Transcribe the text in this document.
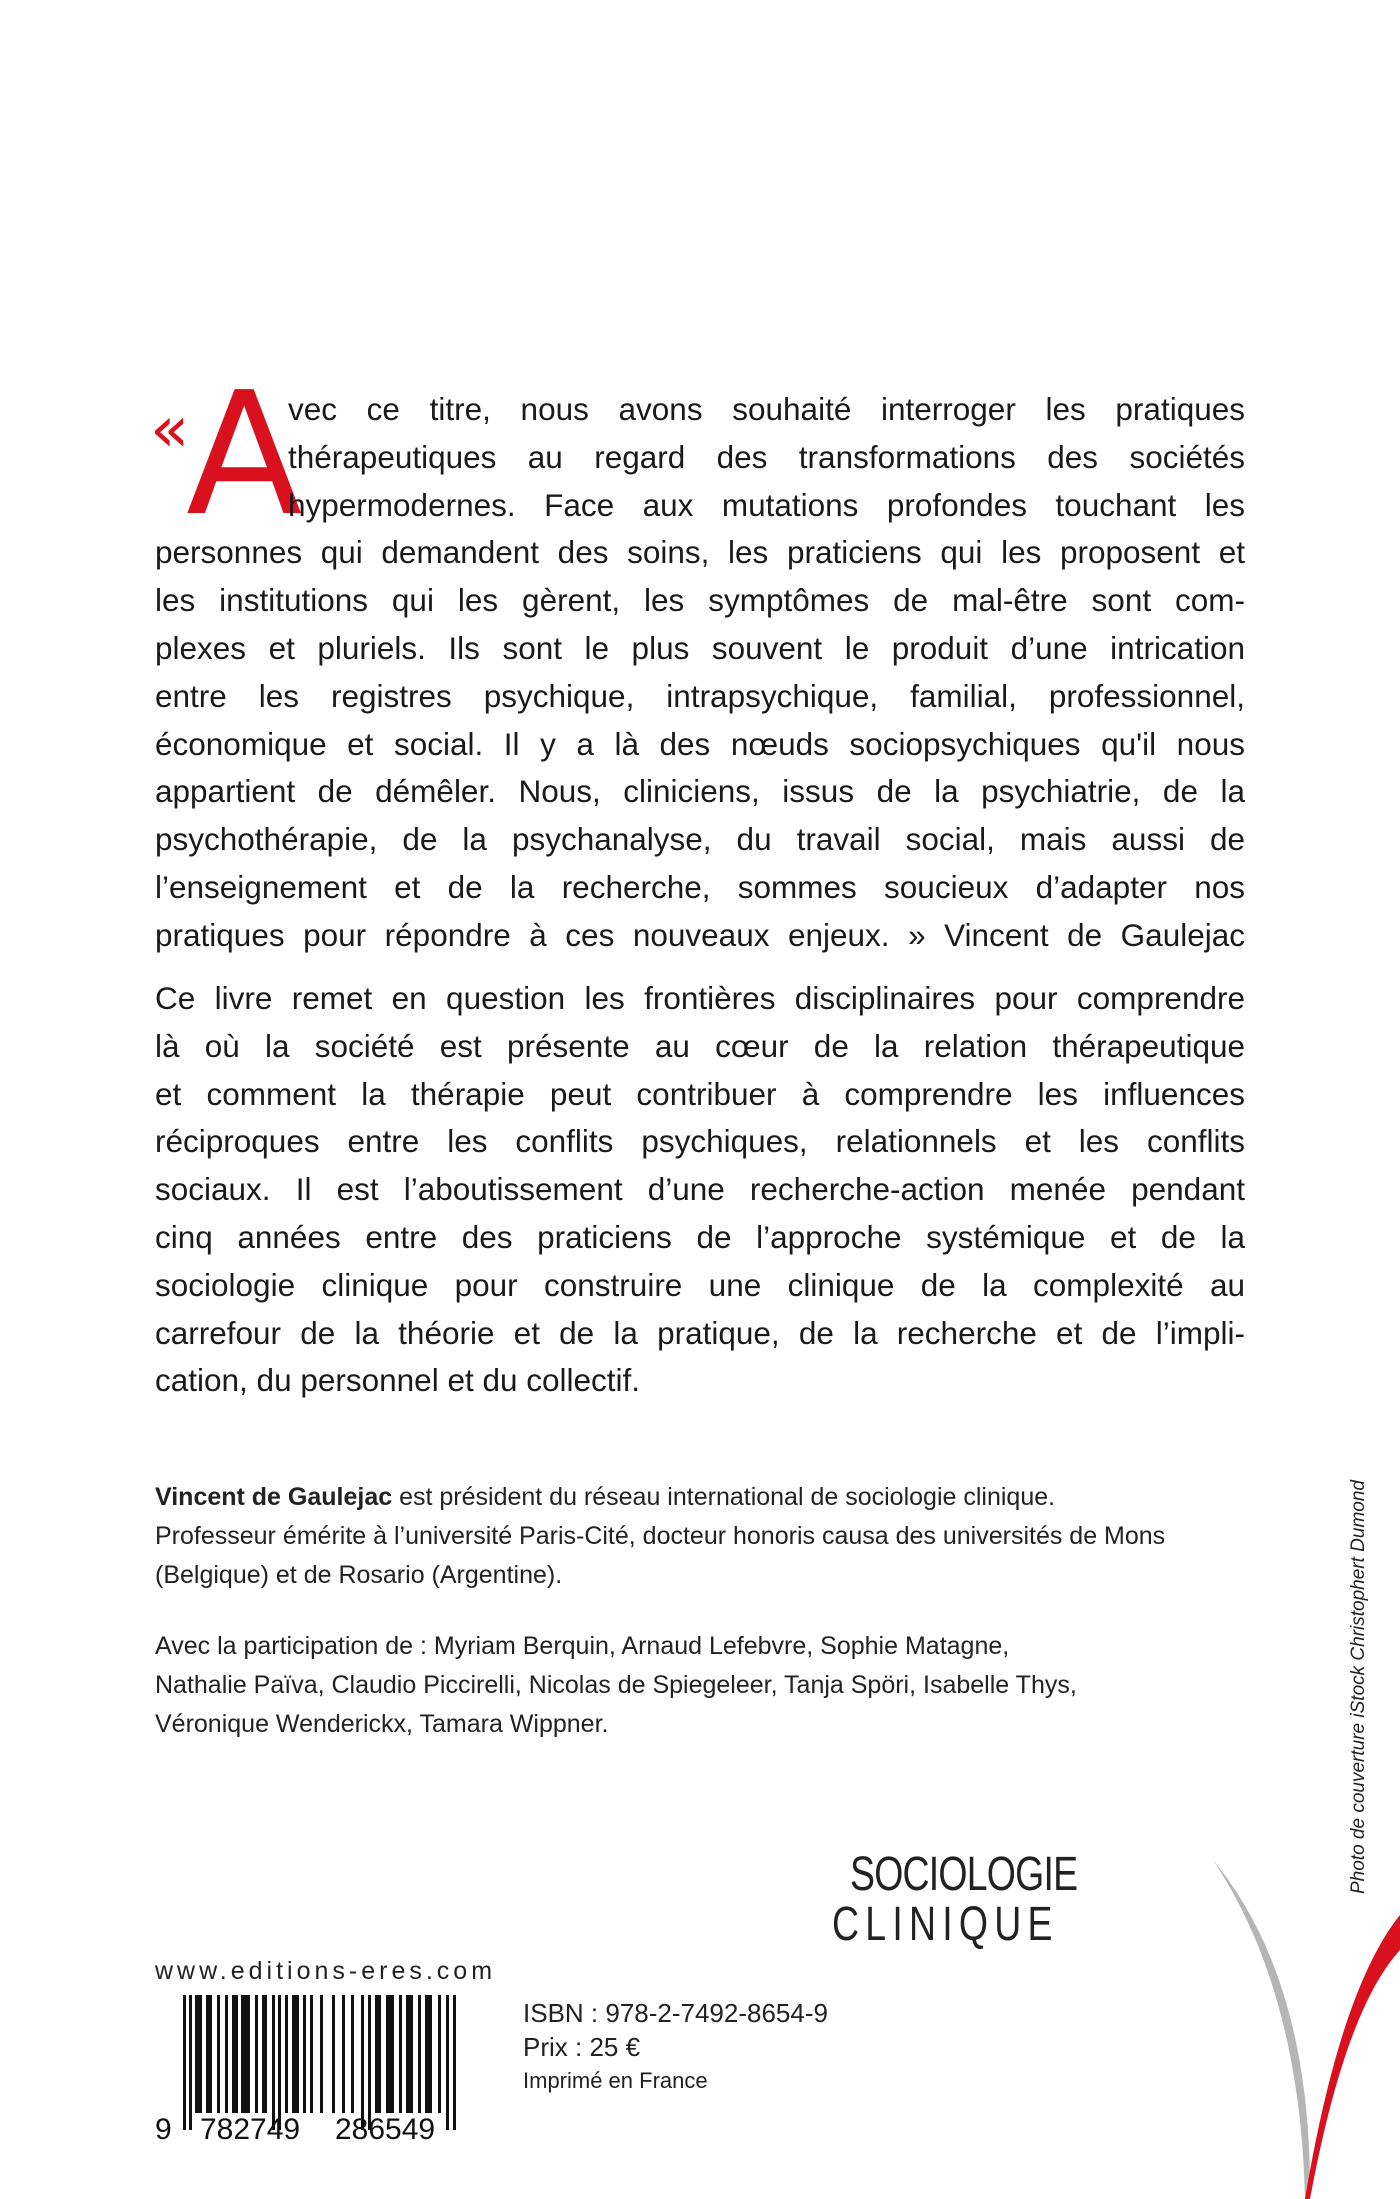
«
A
vec ce titre, nous avons souhaité interroger les pratiques
thérapeutiques au regard des transformations des sociétés
hypermodernes. Face aux mutations profondes touchant les
personnes qui demandent des soins, les praticiens qui les proposent et
les institutions qui les gèrent, les symptômes de mal-être sont com-
plexes et pluriels. Ils sont le plus souvent le produit d’une intrication
entre les registres psychique, intrapsychique, familial, professionnel,
économique et social. Il y a là des nœuds sociopsychiques qu'il nous
appartient de démêler. Nous, cliniciens, issus de la psychiatrie, de la
psychothérapie, de la psychanalyse, du travail social, mais aussi de
l’enseignement et de la recherche, sommes soucieux d’adapter nos
pratiques pour répondre à ces nouveaux enjeux. » Vincent de Gaulejac
Ce livre remet en question les frontières disciplinaires pour comprendre
là où la société est présente au cœur de la relation thérapeutique
et comment la thérapie peut contribuer à comprendre les influences
réciproques entre les conflits psychiques, relationnels et les conflits
sociaux. Il est l’aboutissement d’une recherche-action menée pendant
cinq années entre des praticiens de l’approche systémique et de la
sociologie clinique pour construire une clinique de la complexité au
carrefour de la théorie et de la pratique, de la recherche et de l’impli-
cation, du personnel et du collectif.
Vincent de Gaulejac est président du réseau international de sociologie clinique.
Professeur émérite à l’université Paris-Cité, docteur honoris causa des universités de Mons
(Belgique) et de Rosario (Argentine).
Avec la participation de : Myriam Berquin, Arnaud Lefebvre, Sophie Matagne,
Nathalie Païva, Claudio Piccirelli, Nicolas de Spiegeleer, Tanja Spöri, Isabelle Thys,
Véronique Wenderickx, Tamara Wippner.
SOCIOLOGIE
CLINIQUE
Photo de couverture iStock Christophert Dumond
www.editions-eres.com
9 782749 286549
ISBN : 978-2-7492-8654-9
Prix : 25 €
Imprimé en France
